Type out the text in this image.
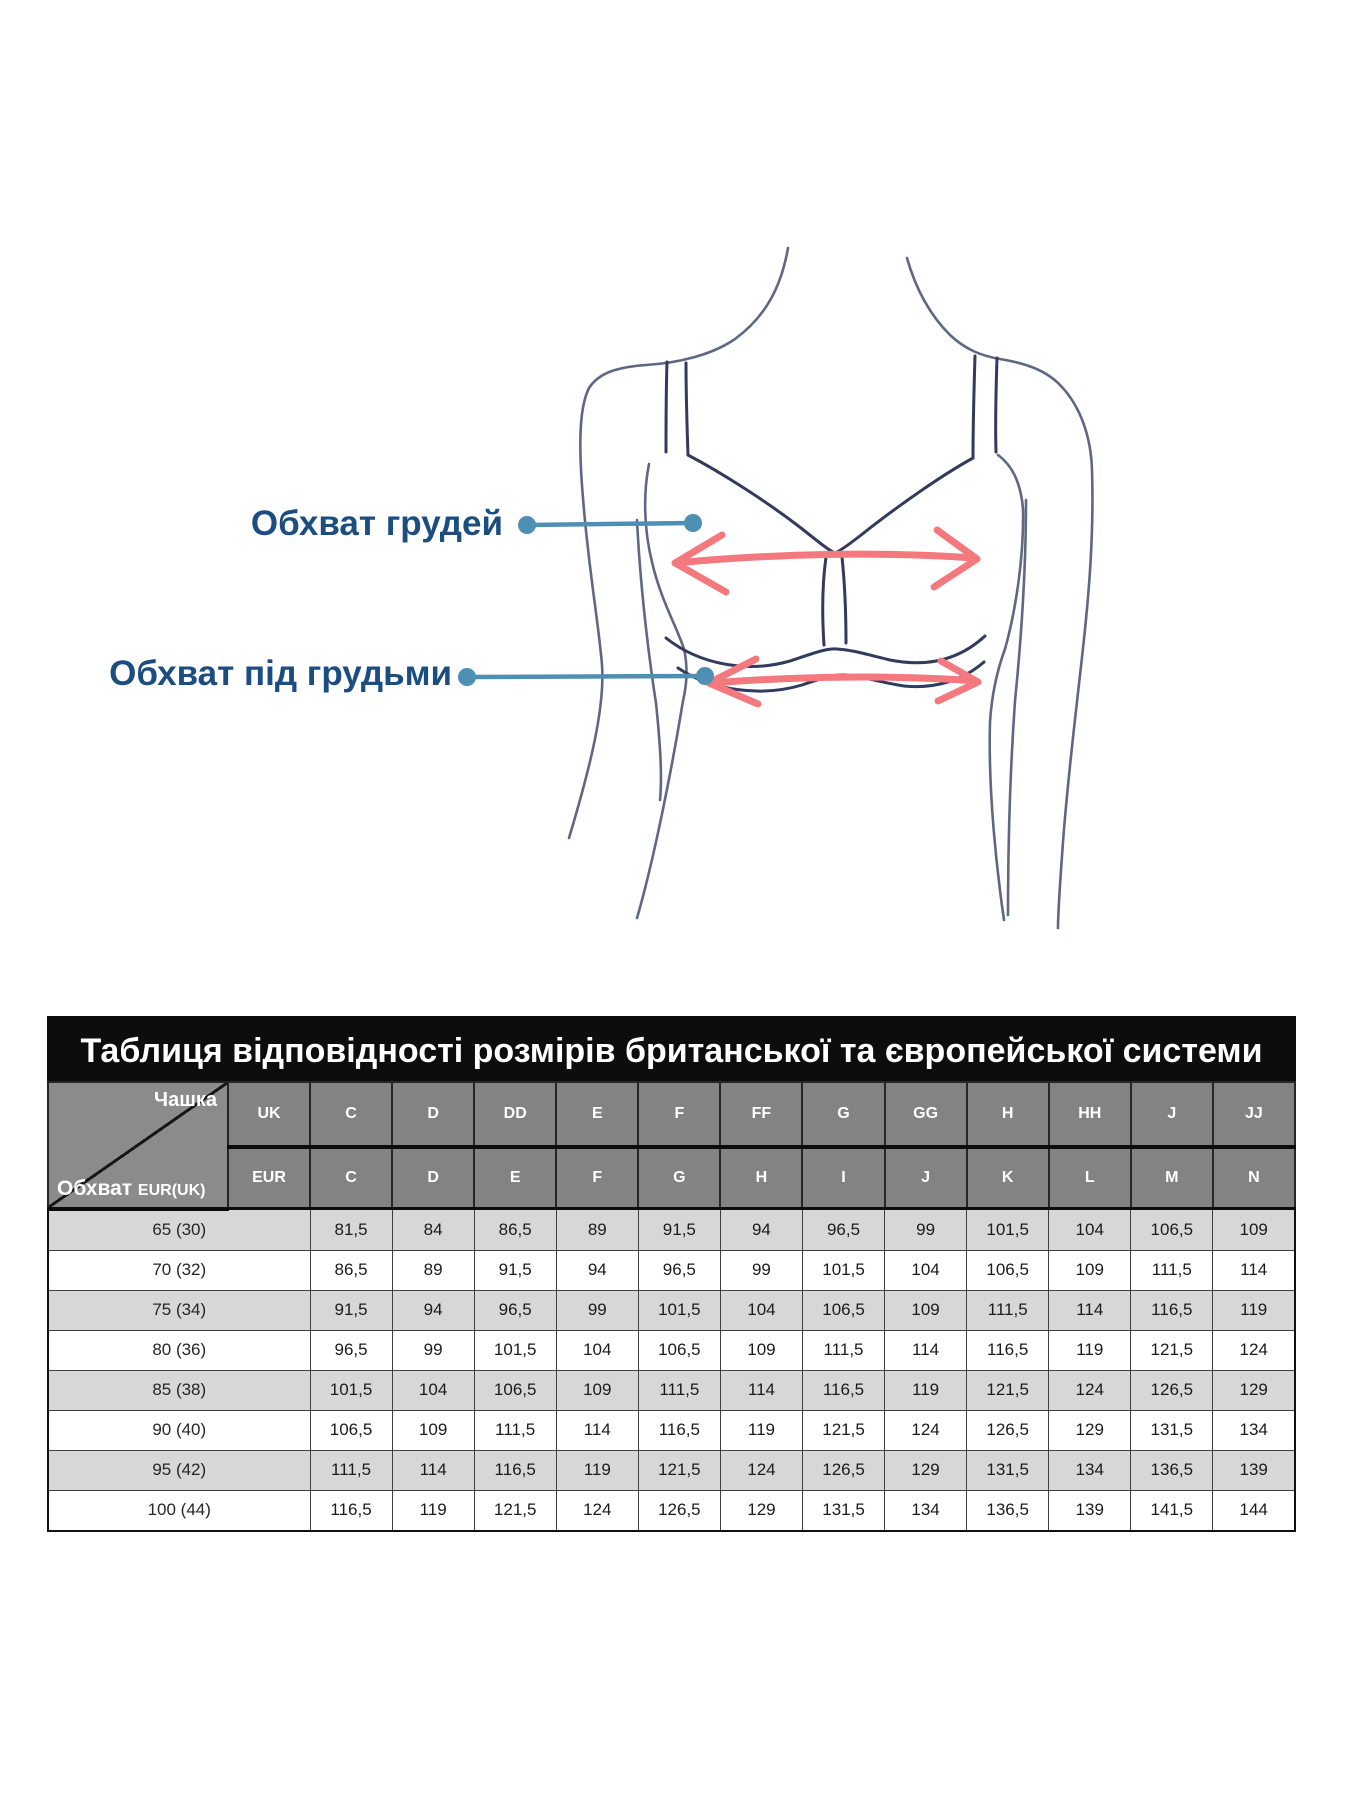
Обхват грудей
Обхват під грудьми
Таблиця відповідності розмірів британської та європейської системи
Чашка
Обхват EUR(UK)	UK	C	D	DD	E	F	FF	G	GG	H	HH	J	JJ
	EUR	C	D	E	F	G	H	I	J	K	L	M	N
65 (30)		81,5	84	86,5	89	91,5	94	96,5	99	101,5	104	106,5	109
70 (32)		86,5	89	91,5	94	96,5	99	101,5	104	106,5	109	111,5	114
75 (34)		91,5	94	96,5	99	101,5	104	106,5	109	111,5	114	116,5	119
80 (36)		96,5	99	101,5	104	106,5	109	111,5	114	116,5	119	121,5	124
85 (38)		101,5	104	106,5	109	111,5	114	116,5	119	121,5	124	126,5	129
90 (40)		106,5	109	111,5	114	116,5	119	121,5	124	126,5	129	131,5	134
95 (42)		111,5	114	116,5	119	121,5	124	126,5	129	131,5	134	136,5	139
100 (44)		116,5	119	121,5	124	126,5	129	131,5	134	136,5	139	141,5	144
